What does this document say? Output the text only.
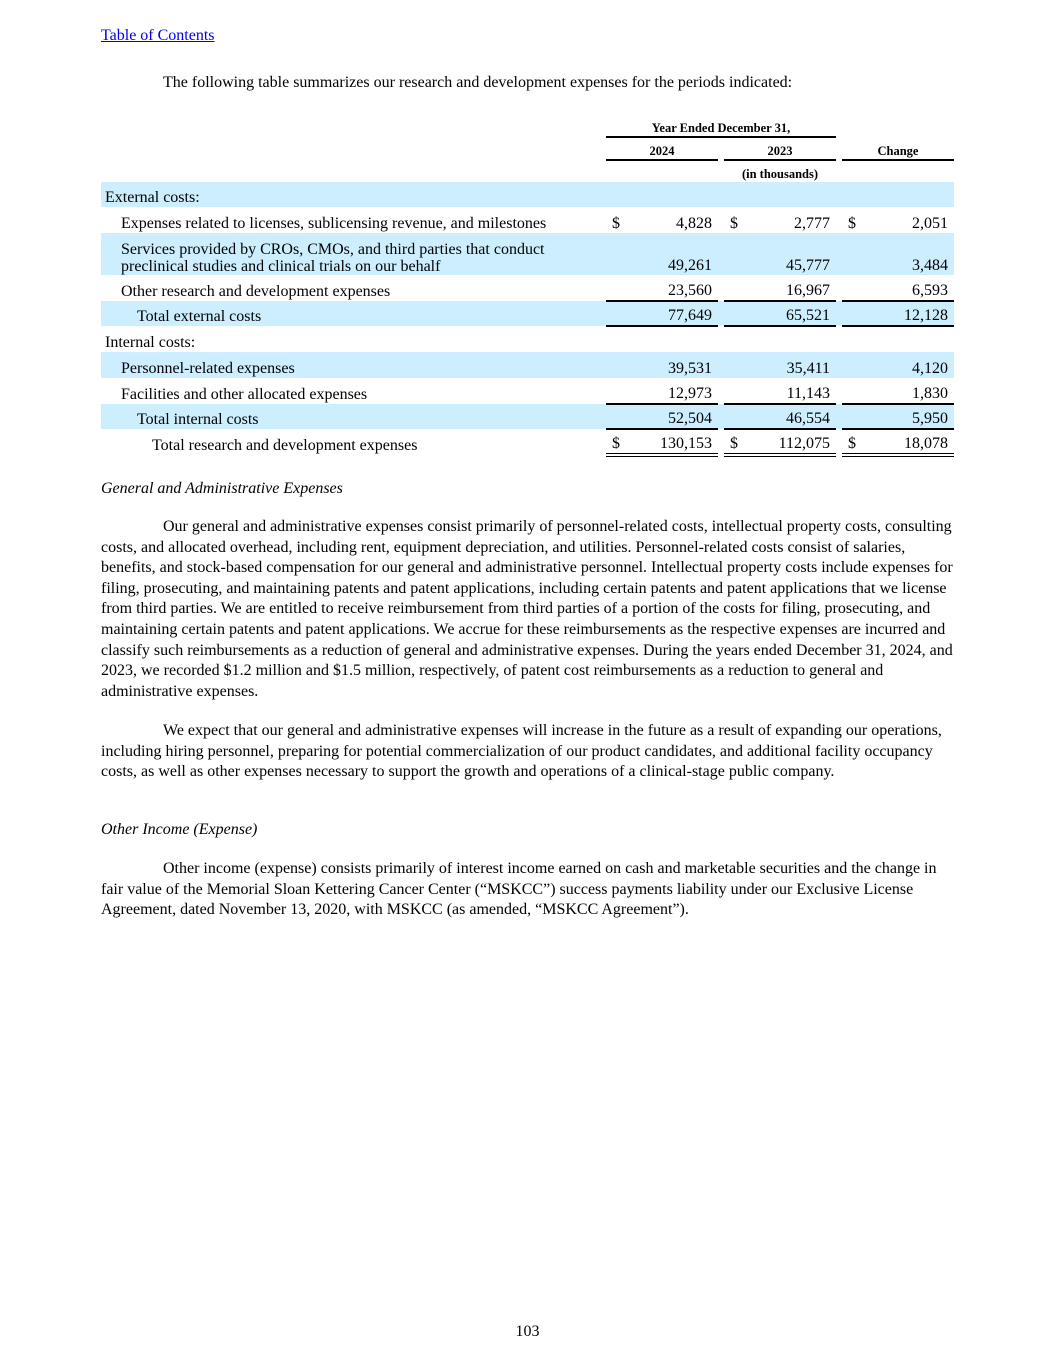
Table of Contents

The following table summarizes our research and development expenses for the periods indicated:

	Year Ended December 31,							
	2024			2023			Change	
				(in thousands)				
External costs:								
Expenses related to licenses, sublicensing revenue, and milestones	$	4,828		$	2,777		$	2,051
Services provided by CROs, CMOs, and third parties that conduct preclinical studies and clinical trials on our behalf		49,261			45,777			3,484
Other research and development expenses		23,560			16,967			6,593
Total external costs		77,649			65,521			12,128
Internal costs:								
Personnel-related expenses		39,531			35,411			4,120
Facilities and other allocated expenses		12,973			11,143			1,830
Total internal costs		52,504			46,554			5,950
Total research and development expenses	$	130,153		$	112,075		$	18,078

General and Administrative Expenses

Our general and administrative expenses consist primarily of personnel-related costs, intellectual property costs, consulting costs, and allocated overhead, including rent, equipment depreciation, and utilities. Personnel-related costs consist of salaries, benefits, and stock-based compensation for our general and administrative personnel. Intellectual property costs include expenses for filing, prosecuting, and maintaining patents and patent applications, including certain patents and patent applications that we license from third parties. We are entitled to receive reimbursement from third parties of a portion of the costs for filing, prosecuting, and maintaining certain patents and patent applications. We accrue for these reimbursements as the respective expenses are incurred and classify such reimbursements as a reduction of general and administrative expenses. During the years ended December 31, 2024, and 2023, we recorded $1.2 million and $1.5 million, respectively, of patent cost reimbursements as a reduction to general and administrative expenses.

We expect that our general and administrative expenses will increase in the future as a result of expanding our operations, including hiring personnel, preparing for potential commercialization of our product candidates, and additional facility occupancy costs, as well as other expenses necessary to support the growth and operations of a clinical-stage public company.

Other Income (Expense)

Other income (expense) consists primarily of interest income earned on cash and marketable securities and the change in fair value of the Memorial Sloan Kettering Cancer Center (“MSKCC”) success payments liability under our Exclusive License Agreement, dated November 13, 2020, with MSKCC (as amended, “MSKCC Agreement”).

103
